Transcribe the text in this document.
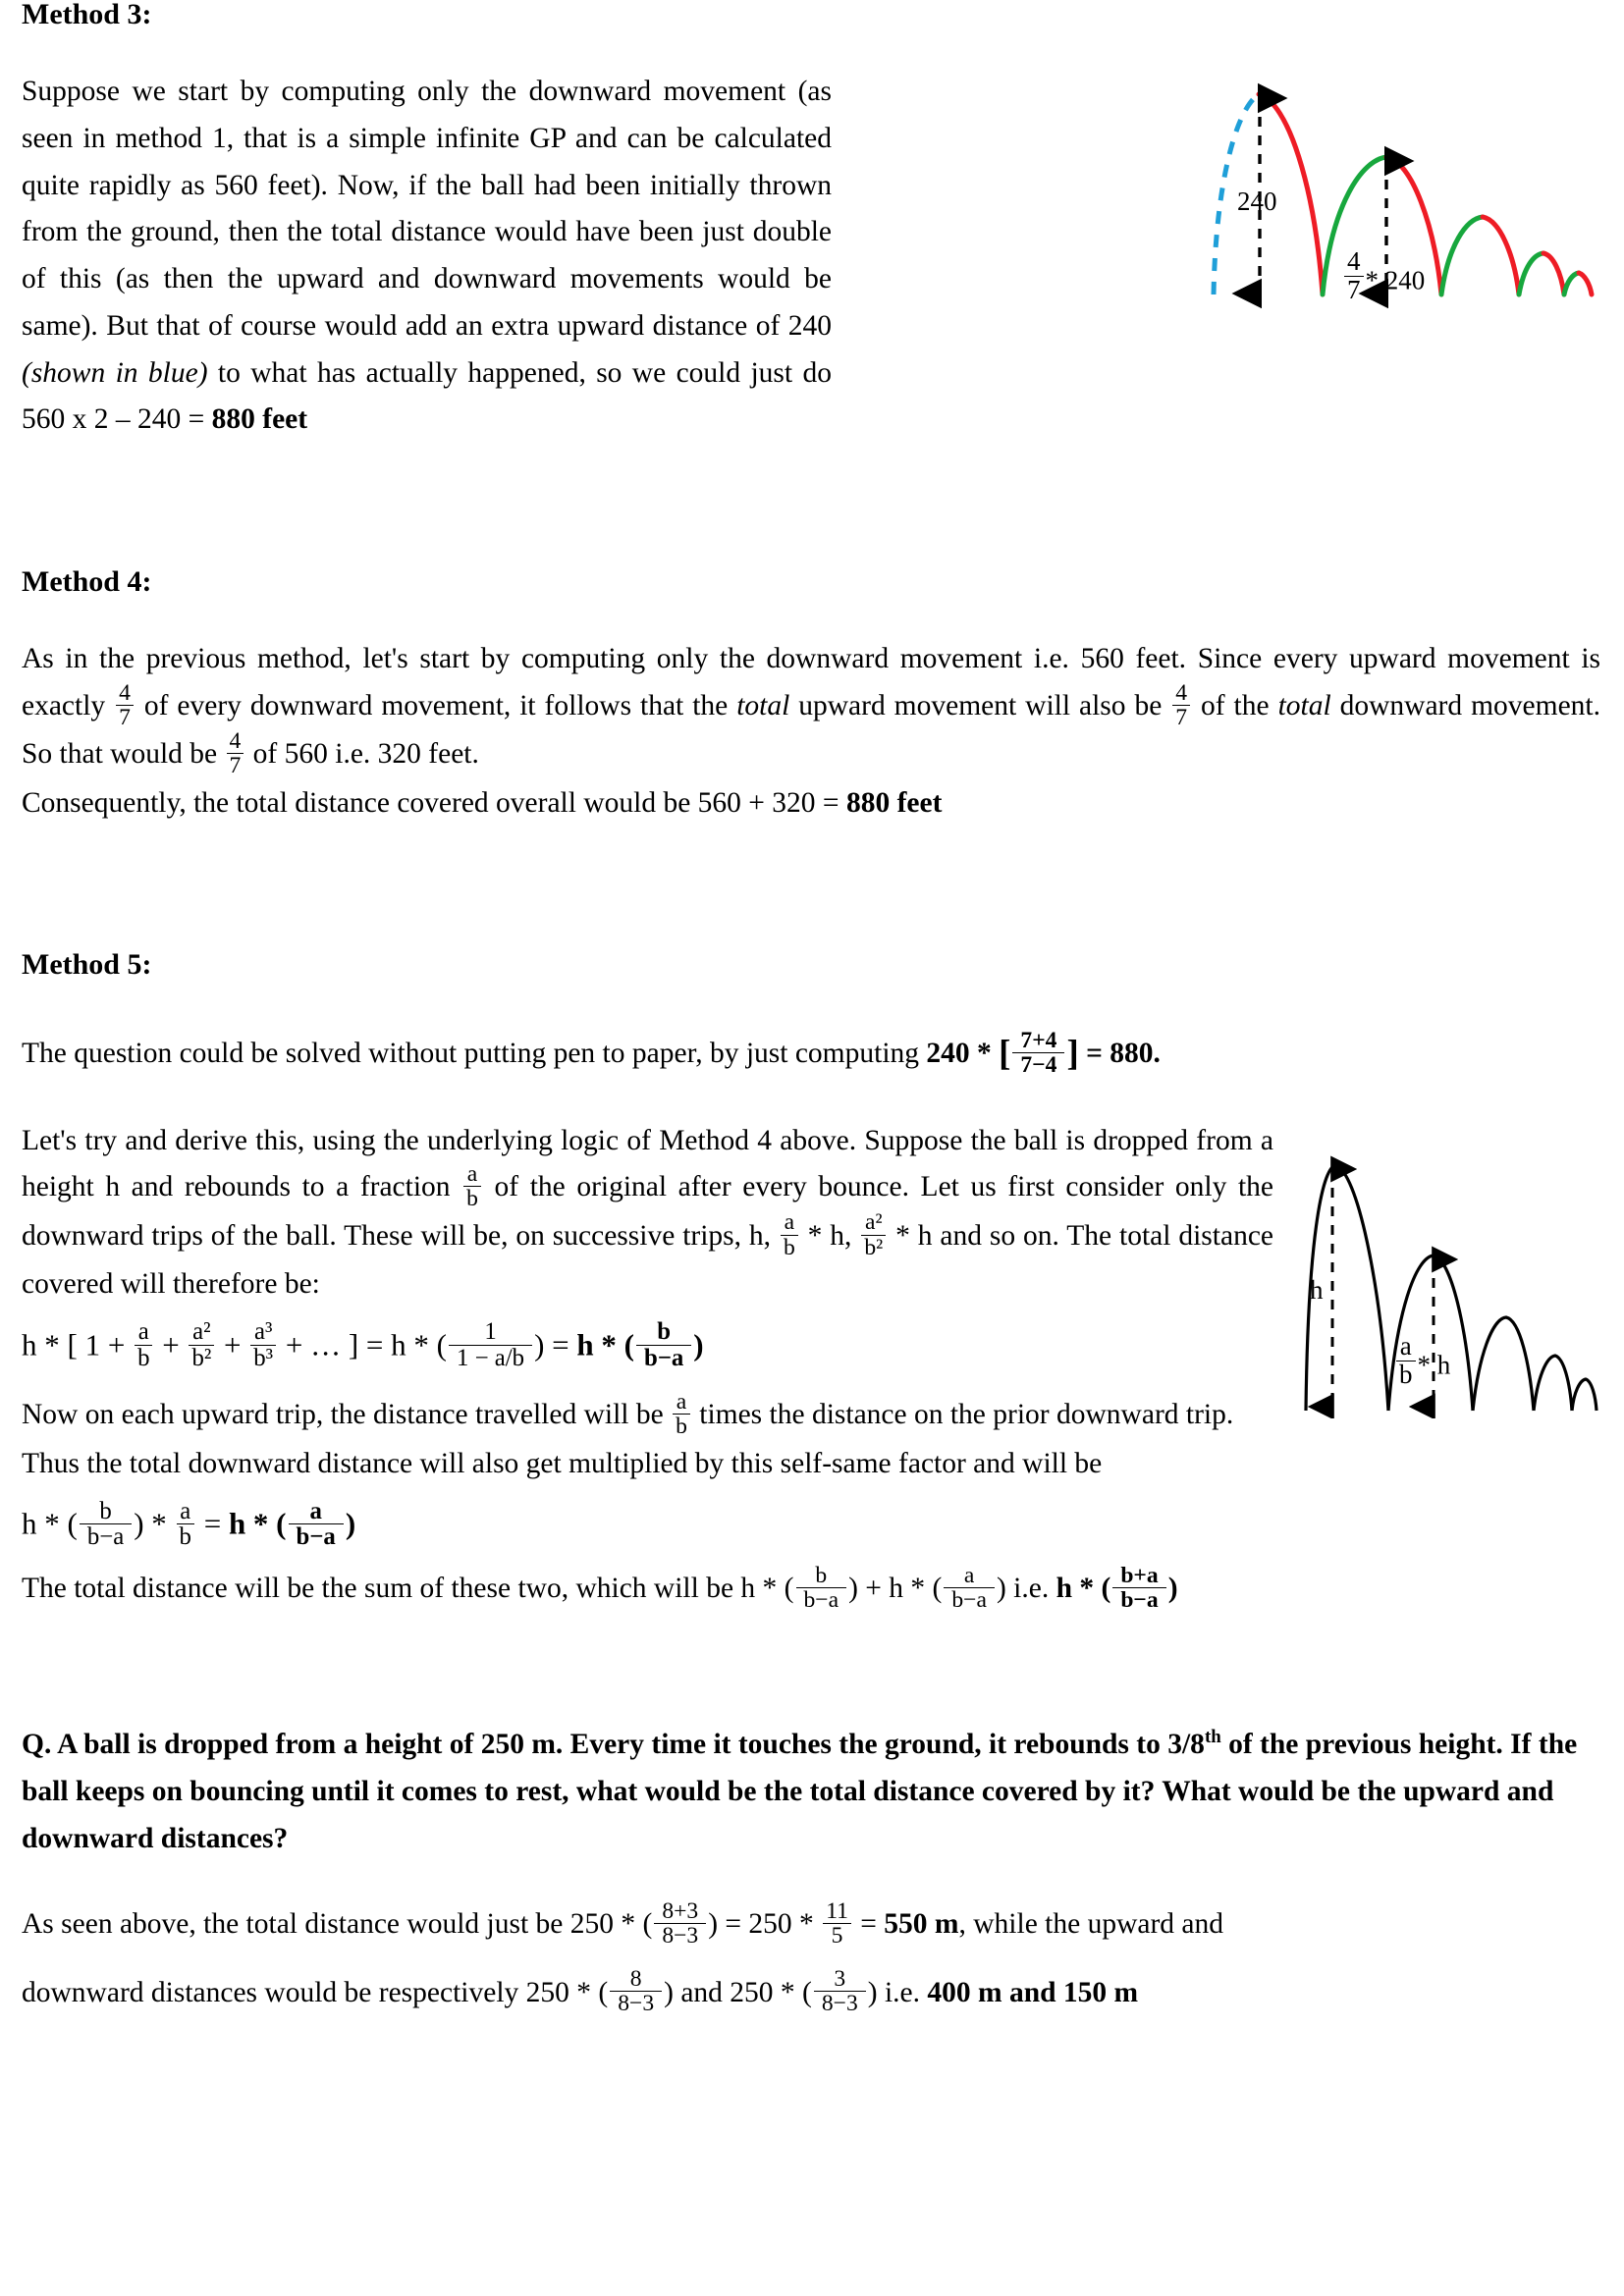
Method 3:
Suppose we start by computing only the downward movement (as seen in method 1, that is a simple infinite GP and can be calculated quite rapidly as 560 feet). Now, if the ball had been initially thrown from the ground, then the total distance would have been just double of this (as then the upward and downward movements would be same). But that of course would add an extra upward distance of 240 (shown in blue) to what has actually happened, so we could just do 560 x 2 – 240 = 880 feet
240
$\frac{4}{7} * 240$
Method 4:
As in the previous method, let's start by computing only the downward movement i.e. 560 feet. Since every upward movement is exactly $\frac{4}{7}$ of every downward movement, it follows that the total upward movement will also be $\frac{4}{7}$ of the total downward movement. So that would be $\frac{4}{7}$ of 560 i.e. 320 feet.
Consequently, the total distance covered overall would be 560 + 320 = 880 feet
Method 5:
The question could be solved without putting pen to paper, by just computing 240 * [ $\frac{7+4}{7-4}$ ] = 880.
h
$\frac{a}{b}$ * h
Let's try and derive this, using the underlying logic of Method 4 above. Suppose the ball is dropped from a height h and rebounds to a fraction $\frac{a}{b}$ of the original after every bounce. Let us first consider only the downward trips of the ball. These will be, on successive trips, h, $\frac{a}{b}$ * h, $\frac{\text{a²}}{\text{b²}}$ * h and so on. The total distance covered will therefore be:
h * [ $1 + \frac{a}{b} + \frac{\text{a²}}{\text{b²}} + \frac{\text{a³}}{\text{b³}}$ + … ] = h * ( $\frac{1}{1 - a/b}$ ) = h * ( $\frac{b}{b-a}$ )
Now on each upward trip, the distance travelled will be $\frac{a}{b}$ times the distance on the prior downward trip.
Thus the total downward distance will also get multiplied by this self-same factor and will be
h * ( $\frac{b}{b-a}$ ) * $\frac{a}{b} = h$ * ( $\frac{a}{b-a}$ )
The total distance will be the sum of these two, which will be h * ( $\frac{b}{b-a}$ ) + h * ( $\frac{a}{b-a}$ ) i.e. h * ( $\frac{b+a}{b-a}$ )
Q. A ball is dropped from a height of 250 m. Every time it touches the ground, it rebounds to 3/8th of the previous height. If the ball keeps on bouncing until it comes to rest, what would be the total distance covered by it? What would be the upward and downward distances?
As seen above, the total distance would just be 250 * ( $\frac{8+3}{8-3}$ ) = $250 * \frac{11}{5} = 550$ m, while the upward and
downward distances would be respectively 250 * ( $\frac{8}{8-3}$ ) and 250 * ( $\frac{3}{8-3}$ ) i.e. 400 m and 150 m
